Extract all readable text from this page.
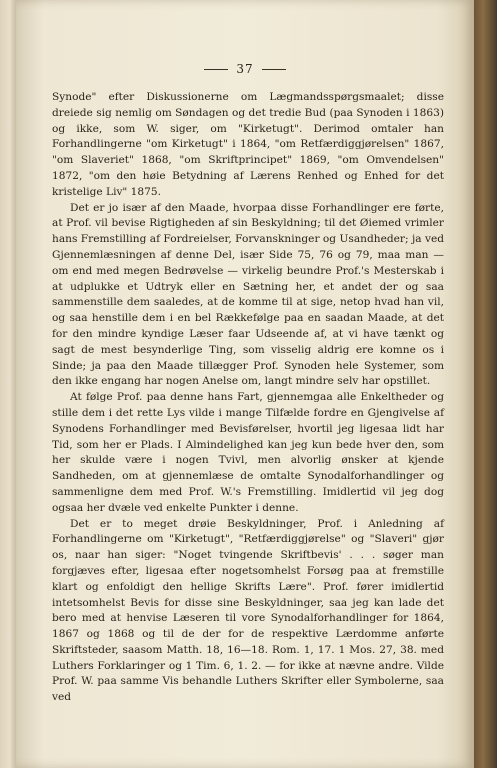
37

Synode" efter Diskussionerne om Lægmandsspørgsmaalet; disse dreiede sig nemlig om Søndagen og det tredie Bud (paa Synoden i 1863) og ikke, som W. siger, om "Kirketugt". Derimod omtaler han Forhandlingerne "om Kirketugt" i 1864, "om Retfærdiggjørelsen" 1867, "om Slaveriet" 1868, "om Skriftprincipet" 1869, "om Omvendelsen" 1872, "om den høie Betydning af Lærens Renhed og Enhed for det kristelige Liv" 1875.

Det er jo især af den Maade, hvorpaa disse Forhandlinger ere førte, at Prof. vil bevise Rigtigheden af sin Beskyldning; til det Øiemed vrimler hans Fremstilling af Fordreielser, Forvanskninger og Usandheder; ja ved Gjennemlæsningen af denne Del, især Side 75, 76 og 79, maa man — om end med megen Bedrøvelse — virkelig beundre Prof.'s Mesterskab i at udplukke et Udtryk eller en Sætning her, et andet der og saa sammenstille dem saaledes, at de komme til at sige, netop hvad han vil, og saa henstille dem i en bel Rækkefølge paa en saadan Maade, at det for den mindre kyndige Læser faar Udseende af, at vi have tænkt og sagt de mest besynderlige Ting, som visselig aldrig ere komne os i Sinde; ja paa den Maade tillægger Prof. Synoden hele Systemer, som den ikke engang har nogen Anelse om, langt mindre selv har opstillet.

At følge Prof. paa denne hans Fart, gjennemgaa alle Enkeltheder og stille dem i det rette Lys vilde i mange Tilfælde fordre en Gjengivelse af Synodens Forhandlinger med Bevisførelser, hvortil jeg ligesaa lidt har Tid, som her er Plads. I Almindelighed kan jeg kun bede hver den, som her skulde være i nogen Tvivl, men alvorlig ønsker at kjende Sandheden, om at gjennemlæse de omtalte Synodalforhandlinger og sammenligne dem med Prof. W.'s Fremstilling. Imidlertid vil jeg dog ogsaa her dvæle ved enkelte Punkter i denne.

Det er to meget drøie Beskyldninger, Prof. i Anledning af Forhandlingerne om "Kirketugt", "Retfærdiggjørelse" og "Slaveri" gjør os, naar han siger: "Noget tvingende Skriftbevis' . . . søger man forgjæves efter, ligesaa efter nogetsomhelst Forsøg paa at fremstille klart og enfoldigt den hellige Skrifts Lære". Prof. fører imidlertid intetsomhelst Bevis for disse sine Beskyldninger, saa jeg kan lade det bero med at henvise Læseren til vore Synodalforhandlinger for 1864, 1867 og 1868 og til de der for de respektive Lærdomme anførte Skriftsteder, saasom Matth. 18, 16—18. Rom. 1, 17. 1 Mos. 27, 38. med Luthers Forklaringer og 1 Tim. 6, 1. 2. — for ikke at nævne andre. Vilde Prof. W. paa samme Vis behandle Luthers Skrifter eller Symbolerne, saa ved
